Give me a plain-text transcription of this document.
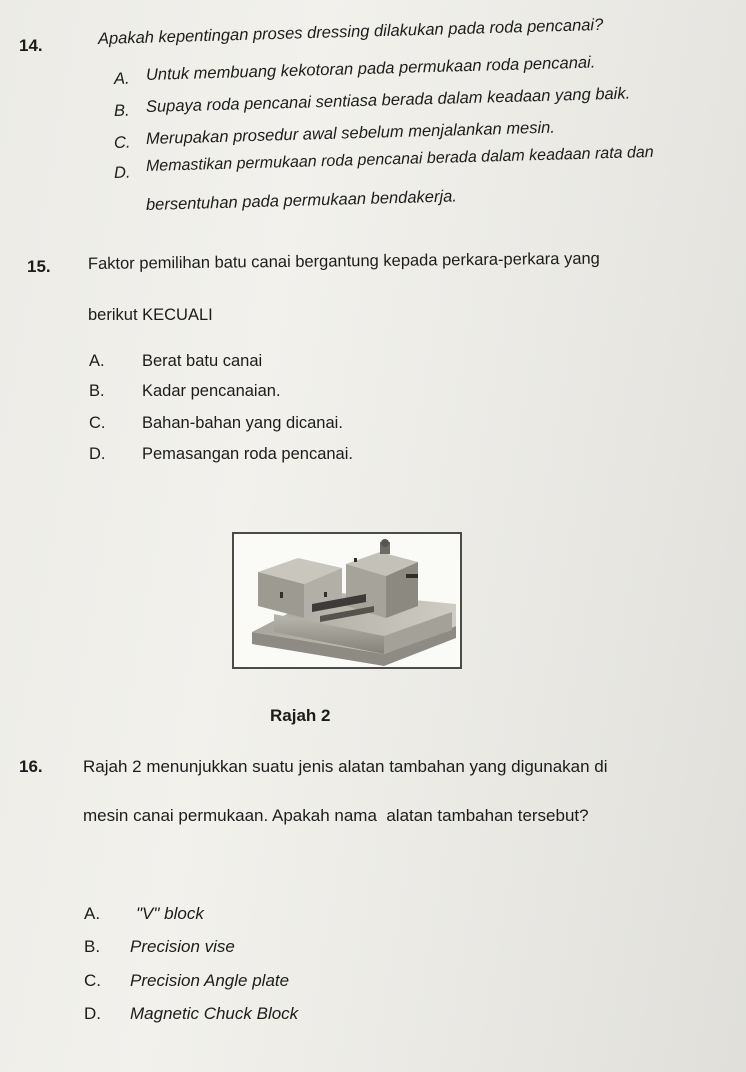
14.	Apakah kepentingan proses dressing dilakukan pada roda pencanai?
A. Untuk membuang kekotoran pada permukaan roda pencanai.
B. Supaya roda pencanai sentiasa berada dalam keadaan yang baik.
C. Merupakan prosedur awal sebelum menjalankan mesin.
D. Memastikan permukaan roda pencanai berada dalam keadaan rata dan
bersentuhan pada permukaan bendakerja.
15. Faktor pemilihan batu canai bergantung kepada perkara-perkara yang
berikut KECUALI
A. Berat batu canai
B. Kadar pencanaian.
C. Bahan-bahan yang dicanai.
D. Pemasangan roda pencanai.
Rajah 2
16. Rajah 2 menunjukkan suatu jenis alatan tambahan yang digunakan di
mesin canai permukaan. Apakah nama  alatan tambahan tersebut?
A. "V" block
B. Precision vise
C. Precision Angle plate
D. Magnetic Chuck Block
